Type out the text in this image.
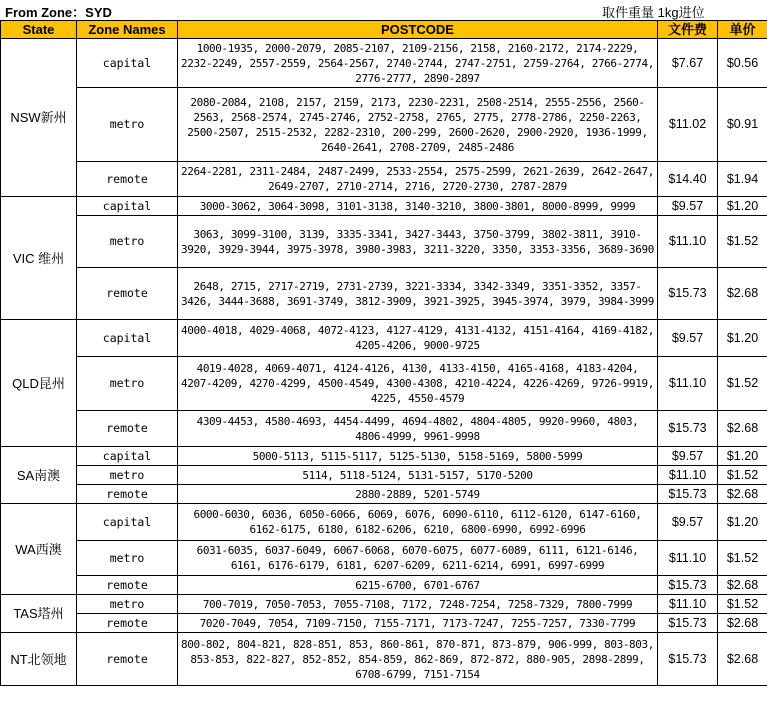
From Zone：SYD	取件重量 1kg进位
State	Zone Names	POSTCODE	文件费	单价
NSW新州	capital	1000-1935, 2000-2079, 2085-2107, 2109-2156, 2158, 2160-2172, 2174-2229, 2232-2249, 2557-2559, 2564-2567, 2740-2744, 2747-2751, 2759-2764, 2766-2774, 2776-2777, 2890-2897	$7.67	$0.56
	metro	2080-2084, 2108, 2157, 2159, 2173, 2230-2231, 2508-2514, 2555-2556, 2560-2563, 2568-2574, 2745-2746, 2752-2758, 2765, 2775, 2778-2786, 2250-2263, 2500-2507, 2515-2532, 2282-2310, 200-299, 2600-2620, 2900-2920, 1936-1999, 2640-2641, 2708-2709, 2485-2486	$11.02	$0.91
	remote	2264-2281, 2311-2484, 2487-2499, 2533-2554, 2575-2599, 2621-2639, 2642-2647, 2649-2707, 2710-2714, 2716, 2720-2730, 2787-2879	$14.40	$1.94
VIC 维州	capital	3000-3062, 3064-3098, 3101-3138, 3140-3210, 3800-3801, 8000-8999, 9999	$9.57	$1.20
	metro	3063, 3099-3100, 3139, 3335-3341, 3427-3443, 3750-3799, 3802-3811, 3910-3920, 3929-3944, 3975-3978, 3980-3983, 3211-3220, 3350, 3353-3356, 3689-3690	$11.10	$1.52
	remote	2648, 2715, 2717-2719, 2731-2739, 3221-3334, 3342-3349, 3351-3352, 3357-3426, 3444-3688, 3691-3749, 3812-3909, 3921-3925, 3945-3974, 3979, 3984-3999	$15.73	$2.68
QLD昆州	capital	4000-4018, 4029-4068, 4072-4123, 4127-4129, 4131-4132, 4151-4164, 4169-4182, 4205-4206, 9000-9725	$9.57	$1.20
	metro	4019-4028, 4069-4071, 4124-4126, 4130, 4133-4150, 4165-4168, 4183-4204, 4207-4209, 4270-4299, 4500-4549, 4300-4308, 4210-4224, 4226-4269, 9726-9919, 4225, 4550-4579	$11.10	$1.52
	remote	4309-4453, 4580-4693, 4454-4499, 4694-4802, 4804-4805, 9920-9960, 4803, 4806-4999, 9961-9998	$15.73	$2.68
SA南澳	capital	5000-5113, 5115-5117, 5125-5130, 5158-5169, 5800-5999	$9.57	$1.20
	metro	5114, 5118-5124, 5131-5157, 5170-5200	$11.10	$1.52
	remote	2880-2889, 5201-5749	$15.73	$2.68
WA西澳	capital	6000-6030, 6036, 6050-6066, 6069, 6076, 6090-6110, 6112-6120, 6147-6160, 6162-6175, 6180, 6182-6206, 6210, 6800-6990, 6992-6996	$9.57	$1.20
	metro	6031-6035, 6037-6049, 6067-6068, 6070-6075, 6077-6089, 6111, 6121-6146, 6161, 6176-6179, 6181, 6207-6209, 6211-6214, 6991, 6997-6999	$11.10	$1.52
	remote	6215-6700, 6701-6767	$15.73	$2.68
TAS塔州	metro	700-7019, 7050-7053, 7055-7108, 7172, 7248-7254, 7258-7329, 7800-7999	$11.10	$1.52
	remote	7020-7049, 7054, 7109-7150, 7155-7171, 7173-7247, 7255-7257, 7330-7799	$15.73	$2.68
NT北领地	remote	800-802, 804-821, 828-851, 853, 860-861, 870-871, 873-879, 906-999, 803-803, 853-853, 822-827, 852-852, 854-859, 862-869, 872-872, 880-905, 2898-2899, 6708-6799, 7151-7154	$15.73	$2.68
